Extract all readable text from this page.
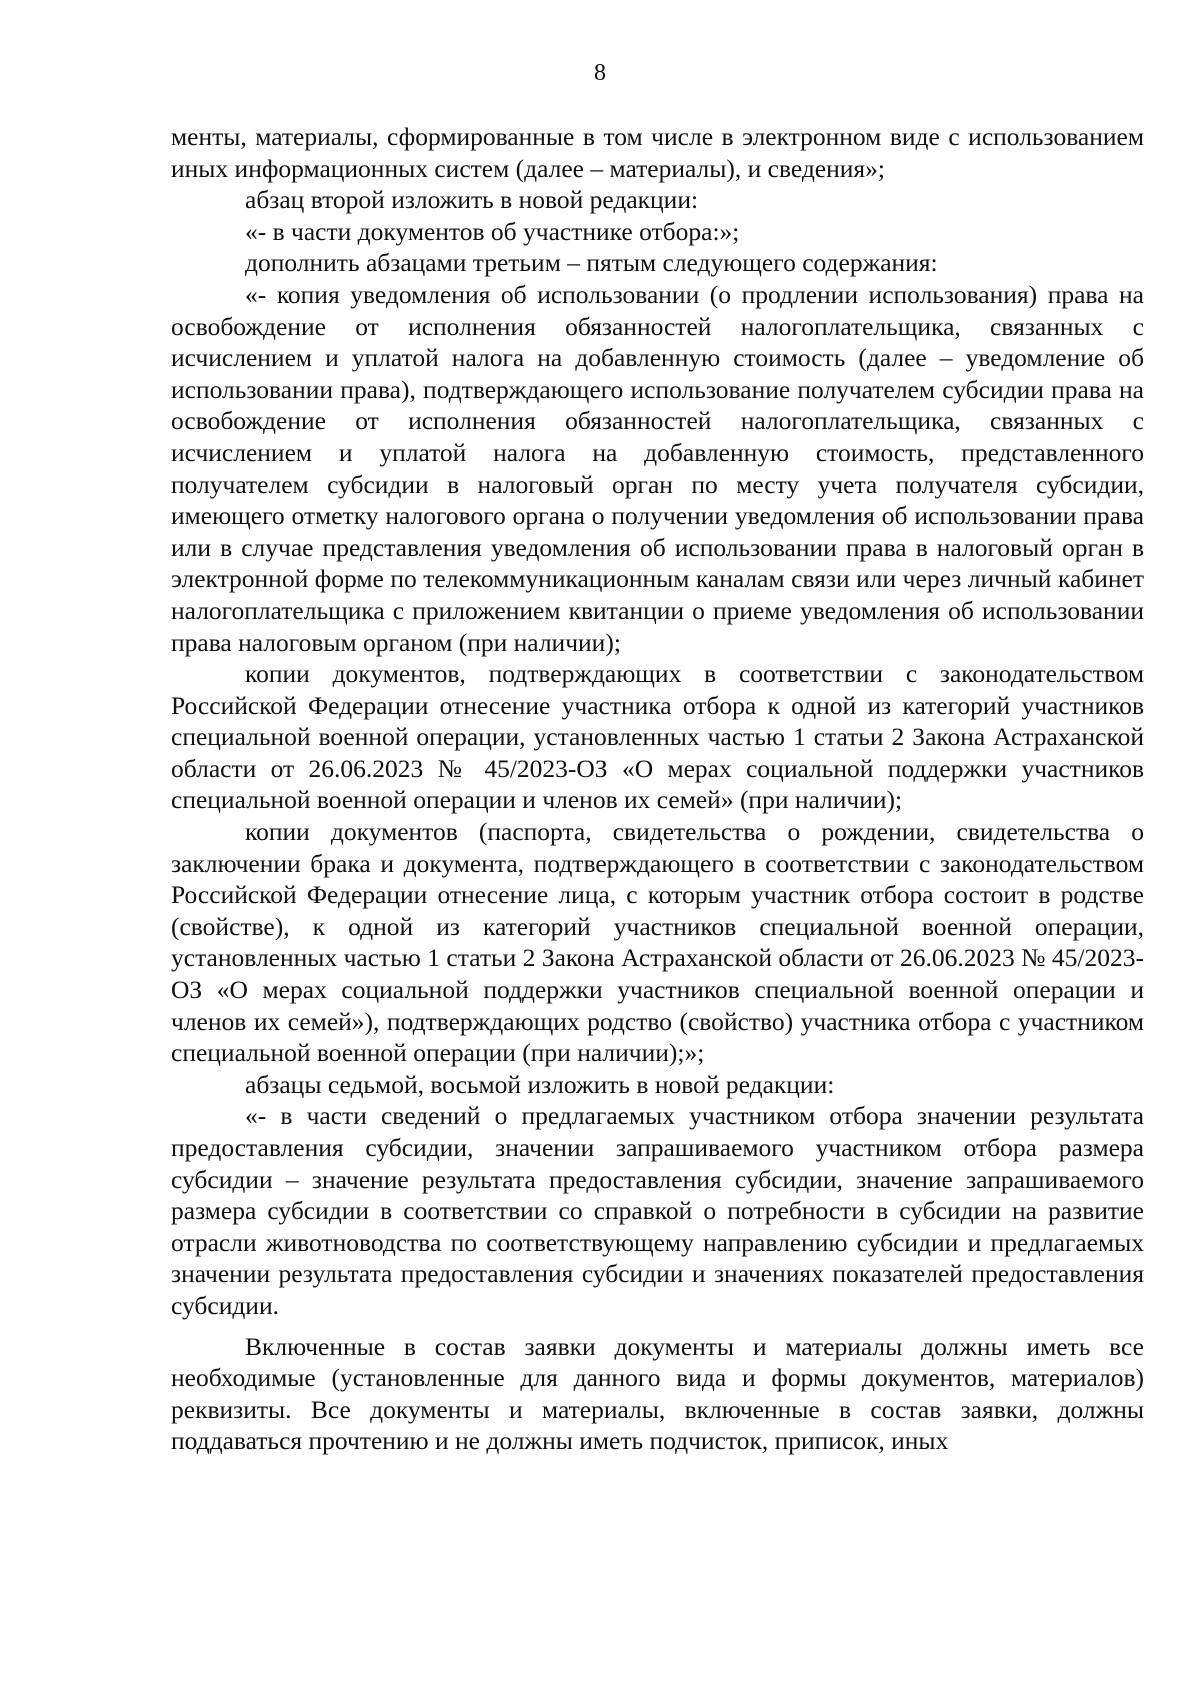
8

менты, материалы, сформированные в том числе в электронном виде с использованием иных информационных систем (далее – материалы), и сведения»;

абзац второй изложить в новой редакции:

«- в части документов об участнике отбора:»;

дополнить абзацами третьим – пятым следующего содержания:

«- копия уведомления об использовании (о продлении использования) права на освобождение от исполнения обязанностей налогоплательщика, связанных с исчислением и уплатой налога на добавленную стоимость (далее – уведомление об использовании права), подтверждающего использование получателем субсидии права на освобождение от исполнения обязанностей налогоплательщика, связанных с исчислением и уплатой налога на добавленную стоимость, представленного получателем субсидии в налоговый орган по месту учета получателя субсидии, имеющего отметку налогового органа о получении уведомления об использовании права или в случае представления уведомления об использовании права в налоговый орган в электронной форме по телекоммуникационным каналам связи или через личный кабинет налогоплательщика с приложением квитанции о приеме уведомления об использовании права налоговым органом (при наличии);

копии документов, подтверждающих в соответствии с законодательством Российской Федерации отнесение участника отбора к одной из категорий участников специальной военной операции, установленных частью 1 статьи 2 Закона Астраханской области от 26.06.2023 № 45/2023-ОЗ «О мерах социальной поддержки участников специальной военной операции и членов их семей» (при наличии);

копии документов (паспорта, свидетельства о рождении, свидетельства о заключении брака и документа, подтверждающего в соответствии с законодательством Российской Федерации отнесение лица, с которым участник отбора состоит в родстве (свойстве), к одной из категорий участников специальной военной операции, установленных частью 1 статьи 2 Закона Астраханской области от 26.06.2023 № 45/2023-ОЗ «О мерах социальной поддержки участников специальной военной операции и членов их семей»), подтверждающих родство (свойство) участника отбора с участником специальной военной операции (при наличии);»;

абзацы седьмой, восьмой изложить в новой редакции:

«- в части сведений о предлагаемых участником отбора значении результата предоставления субсидии, значении запрашиваемого участником отбора размера субсидии – значение результата предоставления субсидии, значение запрашиваемого размера субсидии в соответствии со справкой о потребности в субсидии на развитие отрасли животноводства по соответствующему направлению субсидии и предлагаемых значении результата предоставления субсидии и значениях показателей предоставления субсидии.

Включенные в состав заявки документы и материалы должны иметь все необходимые (установленные для данного вида и формы документов, материалов) реквизиты. Все документы и материалы, включенные в состав заявки, должны поддаваться прочтению и не должны иметь подчисток, приписок, иных
